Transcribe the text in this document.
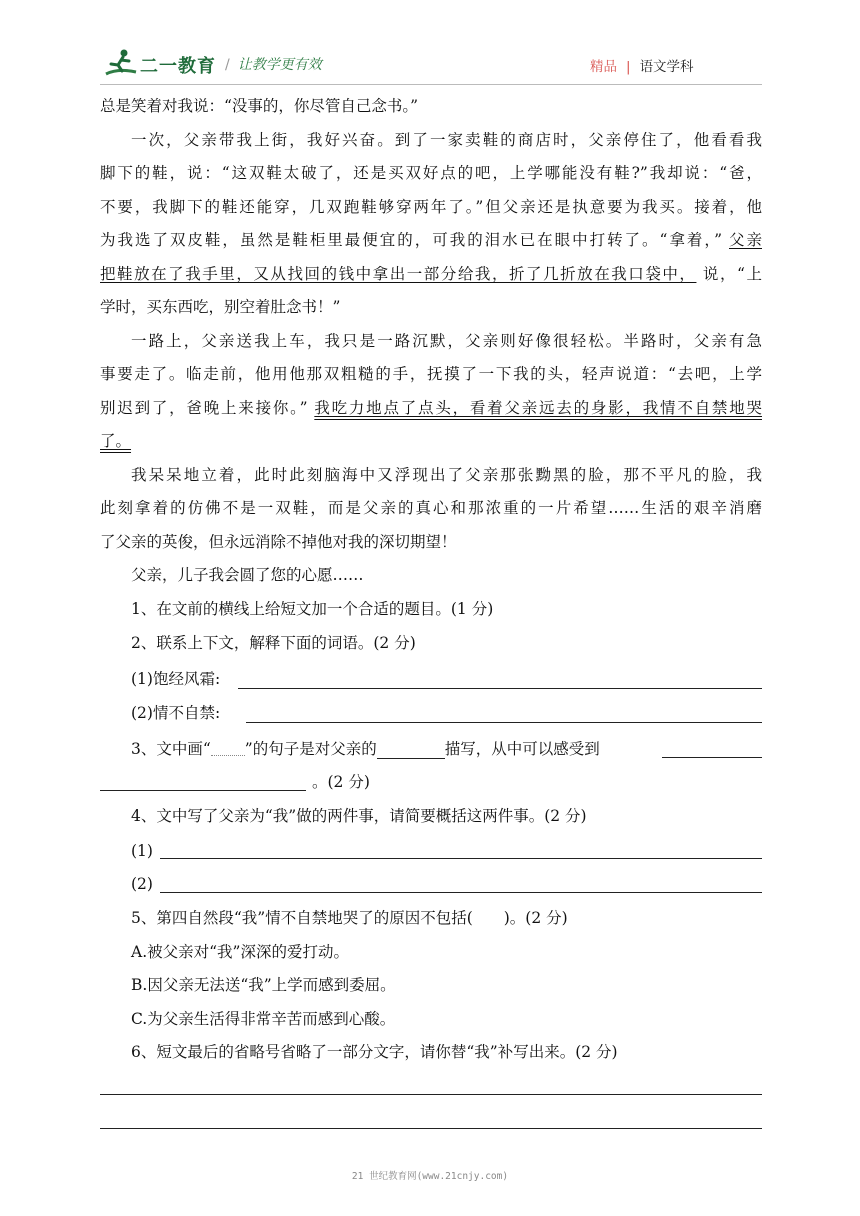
二一教育 / 让教学更有效	精品 | 语文学科
总是笑着对我说：“没事的，你尽管自己念书。”
一次，父亲带我上街，我好兴奋。到了一家卖鞋的商店时，父亲停住了，他看看我
脚下的鞋，说：“这双鞋太破了，还是买双好点的吧，上学哪能没有鞋?”我却说：“爸，
不要，我脚下的鞋还能穿，几双跑鞋够穿两年了。”但父亲还是执意要为我买。接着，他
为我选了双皮鞋，虽然是鞋柜里最便宜的，可我的泪水已在眼中打转了。“拿着，” 父亲
把鞋放在了我手里，又从找回的钱中拿出一部分给我，折了几折放在我口袋中， 说，“上
学时，买东西吃，别空着肚念书！”
一路上，父亲送我上车，我只是一路沉默，父亲则好像很轻松。半路时，父亲有急
事要走了。临走前，他用他那双粗糙的手，抚摸了一下我的头，轻声说道：“去吧，上学
别迟到了，爸晚上来接你。” 我吃力地点了点头，看着父亲远去的身影，我情不自禁地哭
了。
我呆呆地立着，此时此刻脑海中又浮现出了父亲那张黝黑的脸，那不平凡的脸，我
此刻拿着的仿佛不是一双鞋，而是父亲的真心和那浓重的一片希望……生活的艰辛消磨
了父亲的英俊，但永远消除不掉他对我的深切期望！
父亲，儿子我会圆了您的心愿……
1、在文前的横线上给短文加一个合适的题目。(1 分)
2、联系上下文，解释下面的词语。(2 分)
(1)饱经风霜:
(2)情不自禁:
3、文中画“ ”的句子是对父亲的	描写，从中可以感受到
。(2 分)
4、文中写了父亲为“我”做的两件事，请简要概括这两件事。(2 分)
(1)
(2)
5、第四自然段“我”情不自禁地哭了的原因不包括(　　)。(2 分)
A.被父亲对“我”深深的爱打动。
B.因父亲无法送“我”上学而感到委屈。
C.为父亲生活得非常辛苦而感到心酸。
6、短文最后的省略号省略了一部分文字，请你替“我”补写出来。(2 分)
21 世纪教育网(www.21cnjy.com)
